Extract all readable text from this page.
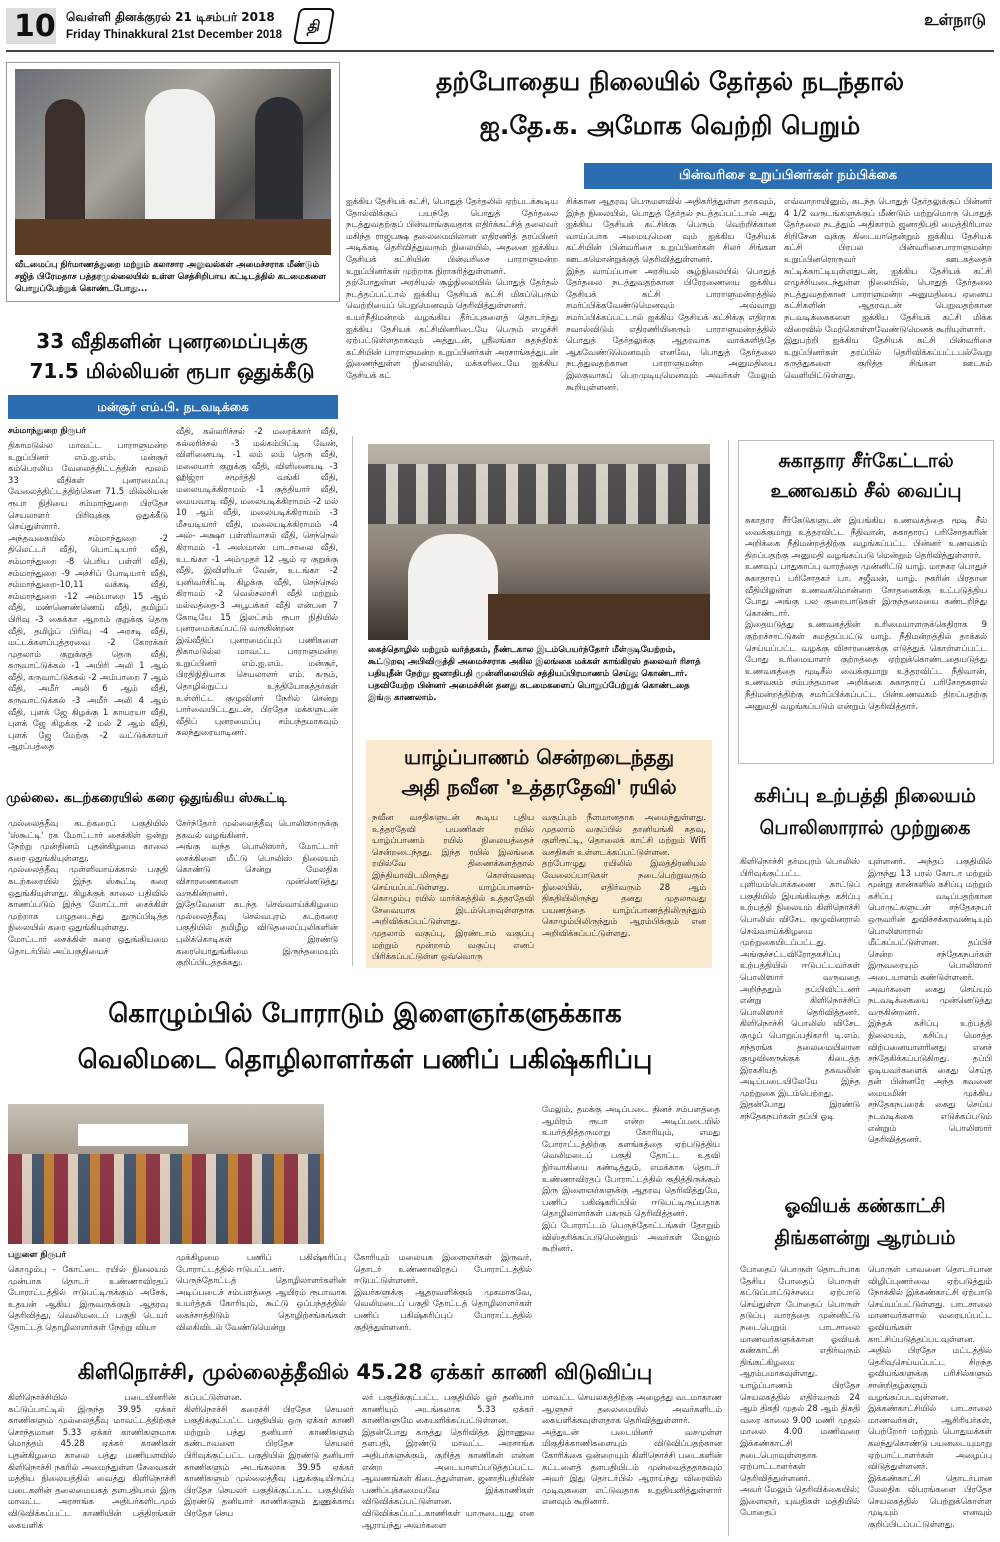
10 வெள்ளி தினக்குரல் 21 டிசம்பர் 2018
Friday Thinakkural 21st December 2018	தி	உள்நாடு
வீடமைப்பு நிர்மாணத்துறை மற்றும் கலாசார அலுவல்கள் அமைச்சராக மீண்டும் சஜித் பிரேமதாச பத்தரமுல்லையில் உள்ள செத்சிறிபாய கட்டிடத்தில் கடமைகளை பொறுப்பேற்றுக் கொண்டபோது...
தற்போதைய நிலையில் தேர்தல் நடந்தால்
ஐ.தே.க. அமோக வெற்றி பெறும்
பின்வரிசை உறுப்பினர்கள் நம்பிக்கை
ஐக்கிய தேசியக் கட்சி, பொதுத் தேர்தலில் ஏற்படக்கூடிய தோல்விக்குப் பயந்தே பொதுத் தேர்தலை நடத்துவதற்குப் பின்வாங்குவதாக எதிர்க்கட்சித் தலைவர் மகிந்த ராஜபக்ஷ தலைமையிலான எதிரணித் தரப்பினர் அடிக்கடி தெரிவித்துவரும் நிலையில், அதனை ஐக்கிய தேசியக் கட்சியின் பின்வரிசை பாராளுமன்ற உறுப்பினர்கள் முற்றாக நிராகரித்துள்ளனர்.
தற்போதுள்ள அரசியல் சூழ்நிலையில் பொதுத் தேர்தல் நடத்தப்பட்டால் ஐக்கிய தேசியக் கட்சி மிகப்பெரும் வெற்றியைப் பெறுமெனவும் தெரிவித்துள்ளனர்.
உயர்நீதிமன்றம் வழங்கிய தீர்ப்புகளைத் தொடர்ந்து ஐக்கிய தேசியக் கட்சியினரிடையே பெரும் எழுச்சி ஏற்பட்டுள்ளதாகவும் அத்துடன், ஸ்ரீலங்கா சுதந்திரக் கட்சியின் பாராளுமன்ற உறுப்பினர்கள் அரசாங்கத்துடன் இணைந்துள்ள நிலையில், மக்களிடையே ஐக்கிய தேசியக் கட்
சிக்கான ஆதரவு பெருமளவில் அதிகரித்துள்ள தாகவும், இந்த நிலையில், பொதுத் தேர்தல் நடத்தப்பட்டால் அது ஐக்கிய தேசியக் கட்சிக்கு பெரும் வெற்றிக்கான வாய்ப்பாக அமையுமென வும் ஐக்கிய தேசியக் கட்சியின் பின்வரிசை உறுப்பினர்கள் சிலர் சிங்கள ஊடகமொன்றுக்குத் தெரிவித்துள்ளனர்.
இந்த வாய்ப்பான அரசியல் சூழ்நிலையில் பொதுத் தேர்தலை நடத்துவதற்கான பிரேரணையை ஐக்கிய தேசியக் கட்சி பாராளுமன்றத்தில் சமர்ப்பிக்கவேண்டுமெனவும் அவ்வாறு சமர்ப்பிக்கப்பட்டால் ஐக்கிய தேசியக் கட்சிக்கு எதிராக சவால்விடும் எதிரணியினரும் பாராளுமன்றத்தில் பொதுத் தேர்தலுக்கு ஆதரவாக வாக்களித்தே ஆகவேண்டுமெனவும் எனவே, பொதுத் தேர்தலை நடத்துவதற்கான பாராளுமன்ற அனுமதியை இலகுவாகப் பெறமுடியுமெனவும் அவர்கள் மேலும் கூறியுள்ளனர்.
எவ்வாறாயினும், கடந்த பொதுத் தேர்தலுக்குப் பின்னர் 4 1/2 வருடங்களுக்குப் மீண்டும் மற்றுமொரு பொதுத் தேர்தலை நடத்தும் அதிகாரம் ஜனாதிபதி மைத்திரிபால சிறிசேன வுக்கு கிடையாதென்றும் ஐக்கிய தேசியக் கட்சி பிரபல பின்வரிசைபாராளுமன்ற உறுப்பினரொருவர் ஊடகத்தைச் சுட்டிக்காட்டியுள்ளதுடன், ஐக்கிய தேசியக் கட்சி எழுச்சியடைந்துள்ள நிலையில், பொதுத் தேர்தலை நடத்துவதற்கான பாராளுமன்ற அனுமதியை ஏனைய கட்சிகளின் ஆதரவுடன் பெறுவதற்கான நடவடிக்கைகளை ஐக்கிய தேசியக் கட்சி மிக்க விரைவில் மேற்கொள்ளவேண்டுமெனக் கூறியுள்ளார்.
இதுபற்றி ஐக்கிய தேசியக் கட்சி பின்வரிசை உறுப்பினர்கள் தரப்பில் தெரிவிக்கப்பட்டபல்வேறு கருத்துகளை குறித்த சிங்கள ஊடகம் வெளியிட்டுள்ளது.
33 வீதிகளின் புனரமைப்புக்கு
71.5 மில்லியன் ரூபா ஒதுக்கீடு
மன்சூர் எம்.பி. நடவடிக்கை
சம்மாந்துறை நிருபர்
திகாமடுல்ல மாவட்ட பாராளுமன்ற உறுப்பினர் எம்.ஐ.எம். மன்சூர் கம்பெரலிய வேலைத்திட்டத்தின் மூலம் 33 வீதிகள் புனரமைப்பு வேலைத்திட்டத்திற்கென 71.5 மில்லியன் ரூபா நிதியை சம்மாந்துறை பிரதேச செயலாளர் பிரிவுக்கு ஒதுக்கீடு செய்துள்ளார்.
அந்தவகையில் சம்மாந்துறை -2 திலெட்டர் வீதி, பொட்டியார் வீதி, சம்மாந்துறை -8 பெரிய பள்ளி வீதி, சம்மாந்துறை -9 அச்சிப் போடியார் வீதி, சம்மாந்துறை-10,11 வக்கடி வீதி, சம்மாந்துறை -12 அம்பாறை 15 ஆம் வீதி, மண்ணெண்ணெய் வீதி, தமிழ்ப் பிரிவு -3 கைக்கா ஆறாம் குறுக்கு தெரு வீதி, தமிழ்ப் பிரிவு -4 அரசடி வீதி, மட்டக்களப்புத்தரவை -2 கோரக்கர் முதலாம் குறுக்குத் தெரு வீதி, கருவாட்டுக்கல் -1 அபிரி அலி 1 ஆம் வீதி, கருவாட்டுக்கல் -2 அம்பாறை 7 ஆம் வீதி, அமீர் அலி 6 ஆம் வீதி, கருவாட்டுக்கல் -3 அமீர் அலி 4 ஆம் வீதி, புளக் ஜே கிழக்கு 1 காயரயா வீதி, புளக் ஜே கிழக்கு -2 மல் 2 ஆம் வீதி, புளக் ஜே மேற்கு -2 வட்டுக்காயர் ஆரப்பத்தை
வீதி, கல்லரிச்சல் -2 மரைக்கார் வீதி, கல்லரிச்சல் -3 மல்கம்பிட்டி வேன், விளினையடி -1 லம் லம் தெரு வீதி, மலையார் குறுக்கு வீதி, விளினையடி -3 ஹிஜ்ரா சமூர்த்தி வங்கி வீதி, மலையடிக்கிராமம் -1 குத்தியார் வீதி, மையவாடி வீதி, மலையடிக்கிராமம் -2 மல் 10 ஆம் வீதி, மலையடிக்கிராமம் -3 மீசயடியார் வீதி, மலையடிக்கிராமம் -4 அல்- அக்ஷா பள்ளிவாசல் வீதி, செந்நெல் கிராமம் -1 அஸ்மான் பாடசாலை வீதி, உடங்கா -1 அம்முதர் 12 ஆம் ஏ குறுக்கு வீதி, இவிளியர் வேன், உடங்கா -2 யுனிவர்சிட்டி கிழக்கு வீதி, செந்நெல் கிராமம் -2 வெல்சலாசி வீதி மற்றும் மல்வத்தை-3 அபூபக்கர் வீதி என்பன 7 கோடியே 15 இலட்சம் ரூபா நிதியில் புனரமைக்கப்பட்டு வருகின்றன
இவ்வீதிப் புனரமைப்புப் பணிகளை திகாமடுல்ல மாவட்ட பாராளுமன்ற உறுப்பினர் எம்.ஐ.எம். மன்சூர், பிரதிநிதியாக செயலாளர் எம். கரும், தொழில்நுட்ப உத்தியோகத்தர்கள் உள்ளிட்ட குழுவினர் நேரில் சென்று பார்வையிட்டதுடன், பிரதேச மக்களுடன் வீதிப் புனரமைப்பு சம்பந்தமாகவும் கலந்துரையாடினர்.
கைத்தொழில் மற்றும் வர்த்தகம், நீண்டகால இடம்பெயர்ந்தோர் மீள்குடியேற்றம், கூட்டுறவு அபிவிருத்தி அமைச்சராக அகில இலங்கை மக்கள் காங்கிரஸ் தலைவர் ரிசாத் பதியுதீன் நேற்று ஜனாதிபதி முன்னிலையில் சத்தியப்பிரமாணம் செய்து கொண்டார். பதவியேற்ற பின்னர் அமைச்சின் தனது கடமைகளைப் பொறுப்பேற்றுக் கொண்டதை இங்கு காணலாம்.
சுகாதார சீர்கேட்டால்
உணவகம் சீல் வைப்பு
சுகாதார சீர்கேடுகளுடன் இயங்கிய உணவகத்தை மூடி சீல் வைக்குமாறு உத்தரவிட்ட நீதிவான், சுகாதாரப் பரிசோதகரின் அறிக்கை நீதிமன்றத்திற்கு வழங்கப்பட்ட பின்னர் உணவகம் திறப்பதற்கு அனுமதி வழங்கப்படு மென்றும் தெரிவித்துள்ளார்.
உணவுப் பாதுகாப்பு வாரத்தை முன்னிட்டு யாழ். மாநகர பொதுச் சுகாதாரப் பரிசோதகர் பா. சஜீவன், யாழ். நகரின் பிரதான வீதியிலுள்ள உணவகமொன்றை சோதனைக்கு உட்படுத்திய போது அங்கு பல குறைபாடுகள் இருந்தமையை கண்டறிந்து கொண்டார்.
இதையடுத்து உணவகத்தின் உரிமையாளருக்கெதிராக 9 குற்றச்சாட்டுகள் சுமத்தப்பட்டு யாழ். நீதிமன்றத்தில் தாக்கல் செய்யப்பட்ட வழக்கு விசாரணைக்கு எடுத்துக் கொள்ளப்பட்ட போது உரிமையாளர் குற்றத்தை ஏற்றுக்கொண்டதையடுத்து உணவகத்தை மூடிசீல் வைக்குமாறு உத்தரவிட்ட நீதிவான், உணவகம் சம்பந்தமான அறிக்கை சுகாதாரப் பரிசோதகரால் நீதிமன்றத்திற்கு சமர்ப்பிக்கப்பட்ட பின்உணவகம் திறப்பதற்கு அனுமதி வழங்கப்படும் என்றும் தெரிவித்தார்.
முல்லை. கடற்கரையில் கரை ஒதுங்கிய ஸ்கூட்டி
முல்லைத்தீவு கடற்கரைப் பகுதியில் 'ஸ்கூட்டி' ரக மோட்டார் சைக்கிள் ஒன்று நேற்று முன்தினம் புதன்கிழமை காலை கரை ஒதுங்கியுள்ளது.
முல்லைத்தீவு முள்ளிவாய்க்கால் பகுதி கடற்கரையில் இந்த ஸ்கூட்டி கரை ஒதுங்கியுள்ளது. கிழக்குக் காலை பதிவில் காணப்படும் இந்த மோட்டார் சைக்கிள் முற்றாக பழுதடைந்து துருப்பிடித்த நிலையில் கரை ஒதுங்கியுள்ளது.
மோட்டார் சைக்கிள் கரை ஒதுங்கியமை தொடர்பில் அப்பகுதியைச்
சேர்ந்தோர் முல்லைத்தீவு பொலிஸாருக்கு தகவல் வழங்கினர்.
அங்கு வந்த பொலிஸார், மோட்டார் சைக்கிளை மீட்டு பொலிஸ் நிலையம் கொண்டு சென்று மேலதிக விசாரணைகளை முன்னெடுத்து வருகின்றனர்.
இதேவேளை கடந்த செவ்வாய்க்கிழமை முல்லைத்தீவு செல்வபுரம் கடற்கரை பகுதியில் தமிழீழ விடுதலைப்புலிகளின் புலிக்கொடிகள் இரண்டு கரையொதுங்கிமை இருந்தமையும் குறிப்பிடத்தக்கது.
யாழ்ப்பாணம் சென்றடைந்தது
அதி நவீன 'உத்தரதேவி' ரயில்
நவீன வசதிகளுடன் கூடிய புதிய உத்தரதேவி பயணிகள் ரயில் யாழ்ப்பாணம் ரயில் நிலையத்தைச் சென்றடைந்தது. இந்த ரயில் இலங்கை ரயில்வே திணைக்களத்தால் இந்தியாவிடமிருந்து கொள்வனவு செய்யப்பட்டுள்ளது. யாழ்ப்பாணம்-கொழும்பு ரயில் மார்க்கத்தில் உத்தரதேவி சேவையாக இடம்பெறவுள்ளதாக அறிவிக்கப்பட்டுள்ளது.
முதலாம் வகுப்பு, இரண்டாம் வகுப்பு மற்றும் மூன்றாம் வகுப்பு எனப் பிரிக்கப்பட்டுள்ள ஒவ்வொரு
வகுப்பும் நீளமானதாக அமைந்துள்ளது. முதலாம் வகுப்பில் தானியங்கி கதவு, குளிரூட்டி, தொலைக் காட்சி மற்றும் Wifi வசதிகள் உள்ளடக்கப்பட்டுள்ளன.
தற்போழுது ரயிலில் இலத்திரனியல் வேலைப்பாடுகள் நடைபெற்றுவரும் நிலையில், எதிர்வரும் 28 ஆம் திகதியிலிருந்து தனது முதலாவது பயணத்தை யாழ்ப்பாணத்திலிருந்தும் கொழும்பிலிருந்தும் ஆரம்பிக்கும் என அறிவிக்கப்பட்டுள்ளது.
கசிப்பு உற்பத்தி நிலையம்
பொலிஸாரால் முற்றுகை
கிளிநொச்சி தர்மபுரம் பொலிஸ் பிரிவுக்குட்பட்ட புளியம்பொக்கணை காட்டுப் பகுதியில் இயங்கிவந்த கசிப்பு உற்பத்தி நிலையம் கிளிநொச்சி பொலிஸ் விசேட குழுவினரால் செவ்வாய்க்கிழமை முற்றுகையிடப்பட்டது.
அங்குச்சட்டவிரோதகசிப்பு உற்பத்தியில் ஈடுபட்டவர்கள் பொலிஸார் வருவதை அறிந்ததும் தப்பிவிட்டனர் என்று கிளிநொச்சிப் பொலிஸார் தெரிவித்தனர். கிளிநொச்சி பொலிஸ் விசேட குழுப் பொறுப்பதிகாரி டி.எம். சந்தரங்க தலைமையிலான குழுவினருக்குக் கிடைத்த இரகசியத் தகவலின் அடிப்படையிலேயே இந்த முற்றுகை இடம்பெற்றது.
இதன்போது இரண்டு சந்தேகநபர்கள் தப்பி ஓடி
யுள்ளனர். அந்தப் பகுதியில் இருந்து 13 பரல் கோடா மற்றும் மூன்று கான்களில் கசிப்பு மற்றும் கசிப்பு வடிப்பதற்கான பொருட்களுடன் சந்தேகநபர் ஒருவரின் துவிச்சக்கரவண்டியும் பொலிஸாரால் மீட்கப்பட்டுள்ளன. தப்பிச் சென்ற சந்தேகநபர்கள் இருவரையும் பொலிஸார் அடையாளம் கண்டுள்ளனர்.
அவர்களை கைது செய்யும் நடவடிக்கையை முன்னெடுத்து வருகின்றனர்.
இந்தக் கசிப்பு உற்பத்தி நிலையம், கசிப்பு மொத்த விற்பனையாளரினது எனச் சந்தேகிக்கப்படுகிறது. தப்பி ஓடியவர்களைக் கைது செய்த தன் பின்னரே அந்த சுவனை மையமின் முக்கிய சந்தேகநபரைக் கைது செய்ய நடவடிக்கை எடுக்கப்படும் என்றும் பொலிஸார் தெரிவித்தனர்.
கொழும்பில் போராடும் இளைஞர்களுக்காக
வெலிமடை தொழிலாளர்கள் பணிப் பகிஷ்கரிப்பு
பதுளை நிருபர்
கொழும்பு - கோட்டை ரயில் நிலையம் முன்பாக தொடர் உண்ணாவிரதப் போராட்டத்தில் ஈடுபட்டிருக்கும் அசேக், உதயன் ஆகிய இருவருக்கும் ஆதரவு தெரிவித்து, வெலிமடைப் பகுதி டெயர் தோட்டத் தொழிலாளர்கள் நேற்று வியா
முக்கிழமை பணிப் பகிஷ்கரிப்பு போராட்டத்தில் ஈடுபட்டனர்.
பெருந்தோட்டத் தொழிலாளர்களின் அடிப்படைச் சம்பளத்தை ஆயிரம் ரூபாவாக உயர்த்தக் கோரியும், கூட்டு ஒப்பந்தத்தில் கைச்சாத்திடும் தொழிற்சங்கங்கள் விலகிவிடல் வேண்டுமென்று
கோரியும் மலையக இளைஞர்கள் இருவர், தொடர் உண்ணாவிரதப் போராட்டத்தில் ஈடுபட்டுள்ளனர்.
இவர்களுக்கு ஆதரவளிக்கும் முகமாகவே, வெலிமடைப் பகுதி தோட்டத் தொழிலாளர்கள் பணிப் பகிஷ்கரிப்புப் போராட்டத்தில் குதித்துள்ளனர்.
மேலும், தமக்கு அடிப்படை தினச் சம்பளத்தை ஆயிரம் ரூபா என்ற அடிப்படையில் உயர்த்தித்தருமாறு கோரியும், எமது போராட்டத்திற்கு களங்கத்தை ஏற்படுத்திய வெலிமடைப் பகுதி தோட்ட உதவி நிர்வாகியை கண்டித்தும், எமக்காக தொடர் உண்ணாவிரதப் போராட்டத்தில் குதித்திருக்கும் இரு இளைஞர்களுக்கு ஆதரவு தெரிவித்துமே, பணிப் பகிஷ்கரிப்பில் ஈடுபட்டிருப்பதாக தொழிலாளர்கள் பகரும் தெரிவித்தனர்.
இப் போராட்டம் பெருந்தோட்டங்கள் தோறும் விஸ்தரிக்கப்படுமென்றும் அவர்கள் மேலும் கூறினர்.
ஓவியக் கண்காட்சி
திங்களன்று ஆரம்பம்
போதைப் பொருள் தொடர்பாக தேசிய போதைப் பொருள் கட்டுப்பாட்டுச்சபை ஏற்பாடு செய்துள்ள போதைப் பொருள் தடுப்பு வாரத்தை முன்னிட்டு நடைபெறும் பாடசாலை மாணவர்களுக்கான ஓவியக் கண்காட்சி எதிர்வரும் திங்கட்கிழமை ஆரம்பமாகவுள்ளது. யாழ்ப்பாணம் பிரதேச செயலகத்தில் எதிர்வரும் 24 ஆம் திகதி முதல் 28 ஆம் திகதி வரை காலை 9.00 மணி முதல் மாலை 4.00 மணிவரை இக்கண்காட்சி நடைபெறவுள்ளதாக ஏற்பாட்டாளர்கள் தெரிவித்துள்ளனர்.
அவர் மேலும் தெரிவிக்கையில்;
இளைஞர், யுவதிகள் மத்தியில் போதைப்
பொருள் பாவனை தொடர்பான விழிப்புணர்வை ஏற்படுத்தும் நோக்கில் இக்கண்காட்சி ஏற்பாடு செய்யப்பட்டுள்ளது. பாடசாலை மாணவர்களால் வரையப்பட்ட ஓவியங்கள் காட்சிப்படுத்தப்படவுள்ளன.
அதில் பிரதேச மட்டத்தில் தெரிவுசெய்யப்பட்ட சிறந்த ஓவியங்களுக்கு பரிசில்களும் சான்றிதழ்களும் வழங்கப்படவுள்ளன.
இக்கண்காட்சியில் பாடசாலை மாணவர்கள், ஆசிரியர்கள், பெற்றோர் மற்றும் பொதுமக்கள் கலந்துகொண்டு பயனடையுமாறு ஏற்பாட்டாளர்கள் அழைப்பு விடுத்துள்ளனர்.
இக்கண்காட்சி தொடர்பான மேலதிக விபரங்களை பிரதேச செயலகத்தில் பெற்றுக்கொள்ள முடியும் எனவும் குறிப்பிடப்பட்டுள்ளது.
கிளிநொச்சி, முல்லைத்தீவில் 45.28 ஏக்கர் காணி விடுவிப்பு
கிளிநொச்சியில் படையினரின் கட்டுப்பாட்டில் இருந்த 39.95 ஏக்கர் காணிகளும் முல்லைத்தீவு மாவட்டத்திற்குச் சொந்தமான 5.33 ஏக்கர் காணிகளுமாக மொத்தம் 45.28 ஏக்கர் காணிகள் புதன்கிழமை காலை பத்து மணியளவில் கிளிநொச்சி நகரில் அமைந்துள்ள சேவைகள் மத்திய நிலையத்தில் வைத்து கிளிநொச்சி படைகளின் தலைமையகத் தளபதியால் இரு மாவட்ட அரசாங்க அதிபர்களிடமும் விடுவிக்கப்பட்ட காணியின் பத்திரங்கள் கையளிக்
கப்பட்டுள்ளன.
கிளிநொச்சி கரைச்சி பிரதேச செயலர் பகுதிக்குட்பட்ட பகுதியில் ஒரு ஏக்கர் காணி மற்றும் பத்து தனியார் காணிகளும் கண்டாவளை பிரதேச செயலர் பிரிவுக்குட்பட்ட பகுதியில் இரண்டு தனியார் காணிகளும் அடங்கலாக 39.95 ஏக்கர் காணிகளும் முல்லைத்தீவு புதுக்குடியிருப்பு பிரதேச செயலர் பகுதிக்குட்பட்ட பகுதியில் இரண்டு தனியார் காணிகளும் துணுக்காய் பிரதேச செய
லர் பகுதிக்குட்பட்ட பகுதியில் ஓர் தனியார் காணியும் அடங்கலாக 5.33 ஏக்கர் காணிகளுமே கையளிக்கப்பட்டுள்ளன.
இதன்போது கருத்து தெரிவித்த இராணுவ தளபதி, இரண்டு மாவட்ட அரசாங்க அதிபர்களுக்கும், குறித்த காணிகள் என்ன என்ற அடையாளப்படுத்தப்பட்ட ஆவணங்கள் கிடைத்துள்ளன. ஜனாதிபதியின் பணிப்புக்கமையவே இக்காணிகள் விடுவிக்கப்பட்டுள்ளன. விடுவிக்கப்பட்டகாணிகள் யாருடையது என ஆராய்ந்து அவர்களை
மாவட்ட செயலகத்திற்கு அழைத்து வடமாகாண ஆளுநர் தலைமையில் அவர்களிடம் கையளிக்கவுள்ளதாக தெரிவித்துள்ளார்.
அத்துடன் படையினர் வசமுள்ள மிகுதிக்காணிகளையும் விடுவிப்பதற்கான கோரிக்கை ஒன்றையும் கிளிநொச்சி படைகளின் கட்டளைத் தளபதியிடம் முன்வைத்ததாகவும் அவர் இது தொடர்பில் ஆராய்ந்து விரைவில் முடிவுகளை எட்டுவதாக உறுதியளித்துள்ளார் எனவும் கூறினார்.
